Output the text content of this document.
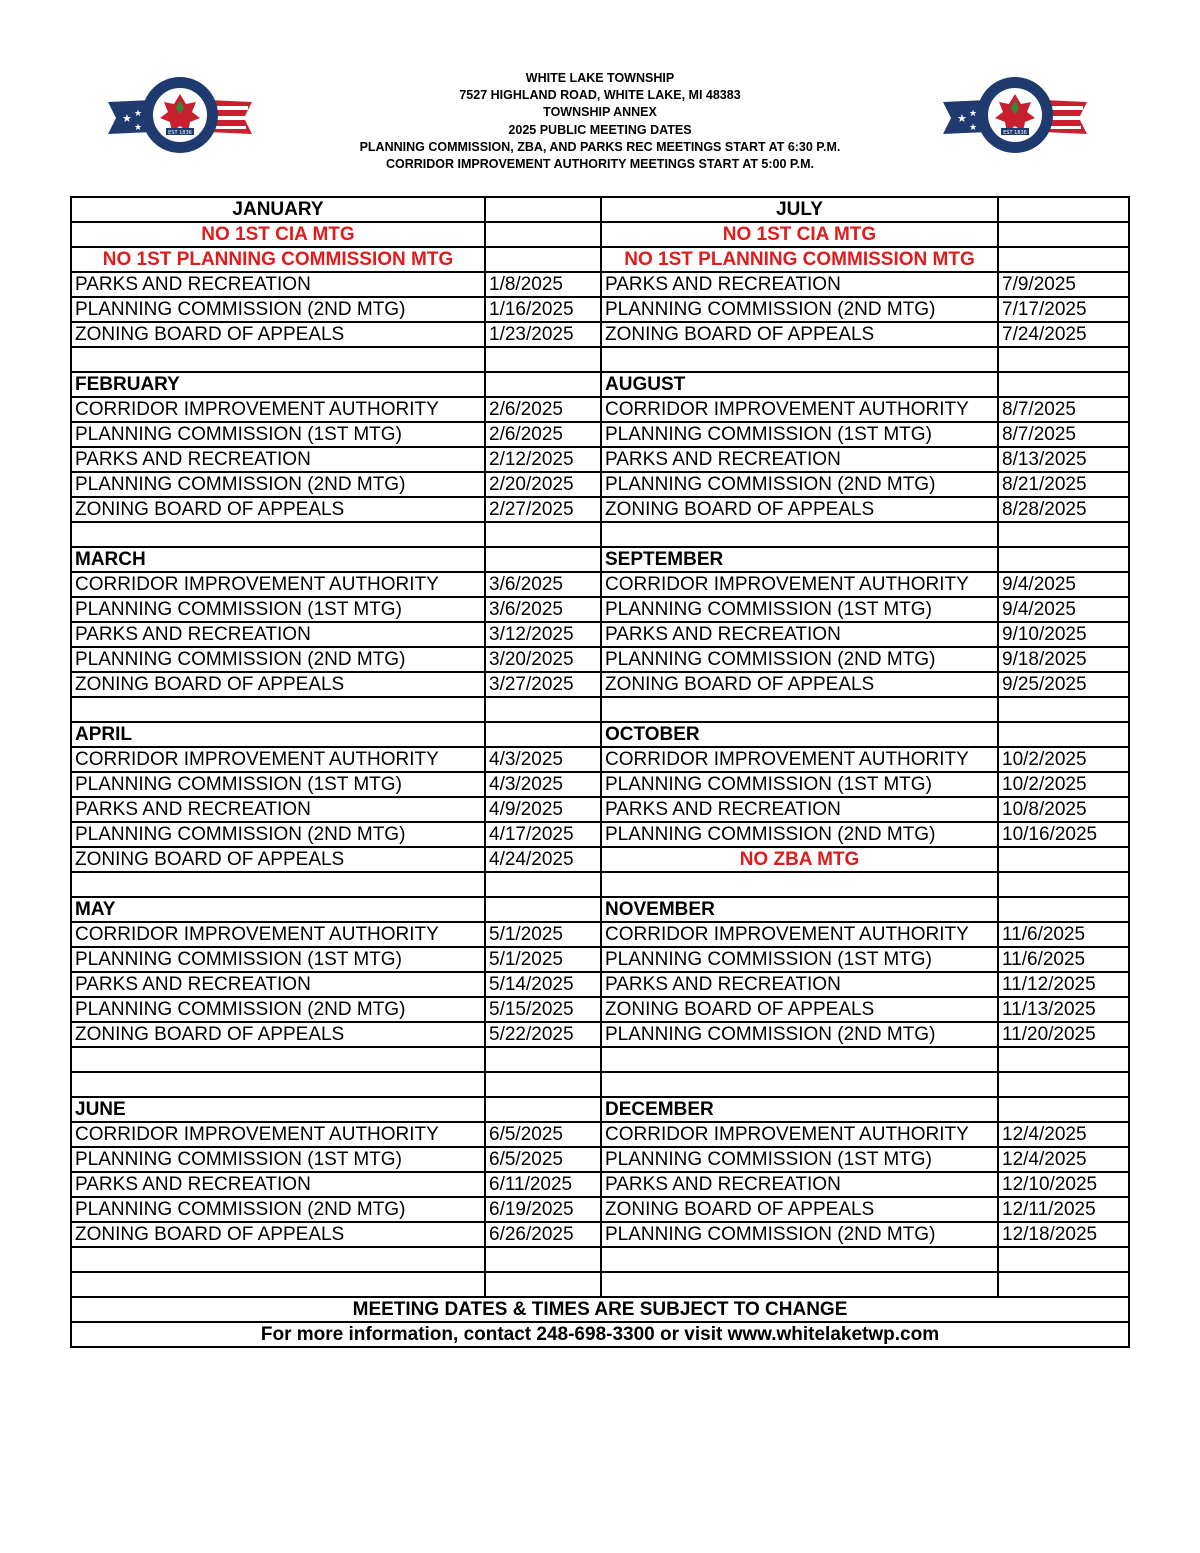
★ ★
★	EST 1836
★ ★
★	EST 1836
WHITE LAKE TOWNSHIP
7527 HIGHLAND ROAD, WHITE LAKE, MI 48383
TOWNSHIP ANNEX
2025 PUBLIC MEETING DATES
PLANNING COMMISSION, ZBA, AND PARKS REC MEETINGS START AT 6:30 P.M.
CORRIDOR IMPROVEMENT AUTHORITY MEETINGS START AT 5:00 P.M.
JANUARY		JULY	
NO 1ST CIA MTG		NO 1ST CIA MTG	
NO 1ST PLANNING COMMISSION MTG		NO 1ST PLANNING COMMISSION MTG	
PARKS AND RECREATION	1/8/2025	PARKS AND RECREATION	7/9/2025
PLANNING COMMISSION (2ND MTG)	1/16/2025	PLANNING COMMISSION (2ND MTG)	7/17/2025
ZONING BOARD OF APPEALS	1/23/2025	ZONING BOARD OF APPEALS	7/24/2025

FEBRUARY		AUGUST	
CORRIDOR IMPROVEMENT AUTHORITY	2/6/2025	CORRIDOR IMPROVEMENT AUTHORITY	8/7/2025
PLANNING COMMISSION (1ST MTG)	2/6/2025	PLANNING COMMISSION (1ST MTG)	8/7/2025
PARKS AND RECREATION	2/12/2025	PARKS AND RECREATION	8/13/2025
PLANNING COMMISSION (2ND MTG)	2/20/2025	PLANNING COMMISSION (2ND MTG)	8/21/2025
ZONING BOARD OF APPEALS	2/27/2025	ZONING BOARD OF APPEALS	8/28/2025

MARCH		SEPTEMBER	
CORRIDOR IMPROVEMENT AUTHORITY	3/6/2025	CORRIDOR IMPROVEMENT AUTHORITY	9/4/2025
PLANNING COMMISSION (1ST MTG)	3/6/2025	PLANNING COMMISSION (1ST MTG)	9/4/2025
PARKS AND RECREATION	3/12/2025	PARKS AND RECREATION	9/10/2025
PLANNING COMMISSION (2ND MTG)	3/20/2025	PLANNING COMMISSION (2ND MTG)	9/18/2025
ZONING BOARD OF APPEALS	3/27/2025	ZONING BOARD OF APPEALS	9/25/2025

APRIL		OCTOBER	
CORRIDOR IMPROVEMENT AUTHORITY	4/3/2025	CORRIDOR IMPROVEMENT AUTHORITY	10/2/2025
PLANNING COMMISSION (1ST MTG)	4/3/2025	PLANNING COMMISSION (1ST MTG)	10/2/2025
PARKS AND RECREATION	4/9/2025	PARKS AND RECREATION	10/8/2025
PLANNING COMMISSION (2ND MTG)	4/17/2025	PLANNING COMMISSION (2ND MTG)	10/16/2025
ZONING BOARD OF APPEALS	4/24/2025	NO ZBA MTG	

MAY		NOVEMBER	
CORRIDOR IMPROVEMENT AUTHORITY	5/1/2025	CORRIDOR IMPROVEMENT AUTHORITY	11/6/2025
PLANNING COMMISSION (1ST MTG)	5/1/2025	PLANNING COMMISSION (1ST MTG)	11/6/2025
PARKS AND RECREATION	5/14/2025	PARKS AND RECREATION	11/12/2025
PLANNING COMMISSION (2ND MTG)	5/15/2025	ZONING BOARD OF APPEALS	11/13/2025
ZONING BOARD OF APPEALS	5/22/2025	PLANNING COMMISSION (2ND MTG)	11/20/2025

JUNE		DECEMBER	
CORRIDOR IMPROVEMENT AUTHORITY	6/5/2025	CORRIDOR IMPROVEMENT AUTHORITY	12/4/2025
PLANNING COMMISSION (1ST MTG)	6/5/2025	PLANNING COMMISSION (1ST MTG)	12/4/2025
PARKS AND RECREATION	6/11/2025	PARKS AND RECREATION	12/10/2025
PLANNING COMMISSION (2ND MTG)	6/19/2025	ZONING BOARD OF APPEALS	12/11/2025
ZONING BOARD OF APPEALS	6/26/2025	PLANNING COMMISSION (2ND MTG)	12/18/2025

MEETING DATES & TIMES ARE SUBJECT TO CHANGE			
For more information, contact 248-698-3300 or visit www.whitelaketwp.com			
